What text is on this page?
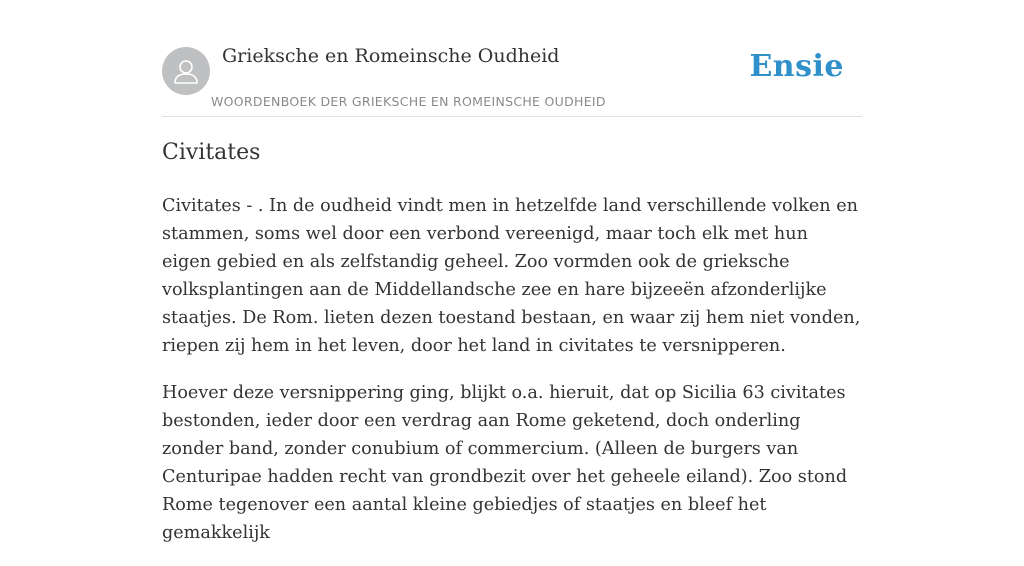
Grieksche en Romeinsche Oudheid
WOORDENBOEK DER GRIEKSCHE EN ROMEINSCHE OUDHEID
Ensie
Civitates

Civitates - . In de oudheid vindt men in hetzelfde land verschillende volken en stammen, soms wel door een verbond vereenigd, maar toch elk met hun eigen gebied en als zelfstandig geheel. Zoo vormden ook de grieksche volksplantingen aan de Middellandsche zee en hare bijzeeën afzonderlijke staatjes. De Rom. lieten dezen toestand bestaan, en waar zij hem niet vonden, riepen zij hem in het leven, door het land in civitates te versnipperen.

Hoever deze versnippering ging, blijkt o.a. hieruit, dat op Sicilia 63 civitates bestonden, ieder door een verdrag aan Rome geketend, doch onderling zonder band, zonder conubium of commercium. (Alleen de burgers van Centuripae hadden recht van grondbezit over het geheele eiland). Zoo stond Rome tegenover een aantal kleine gebiedjes of staatjes en bleef het gemakkelijk
